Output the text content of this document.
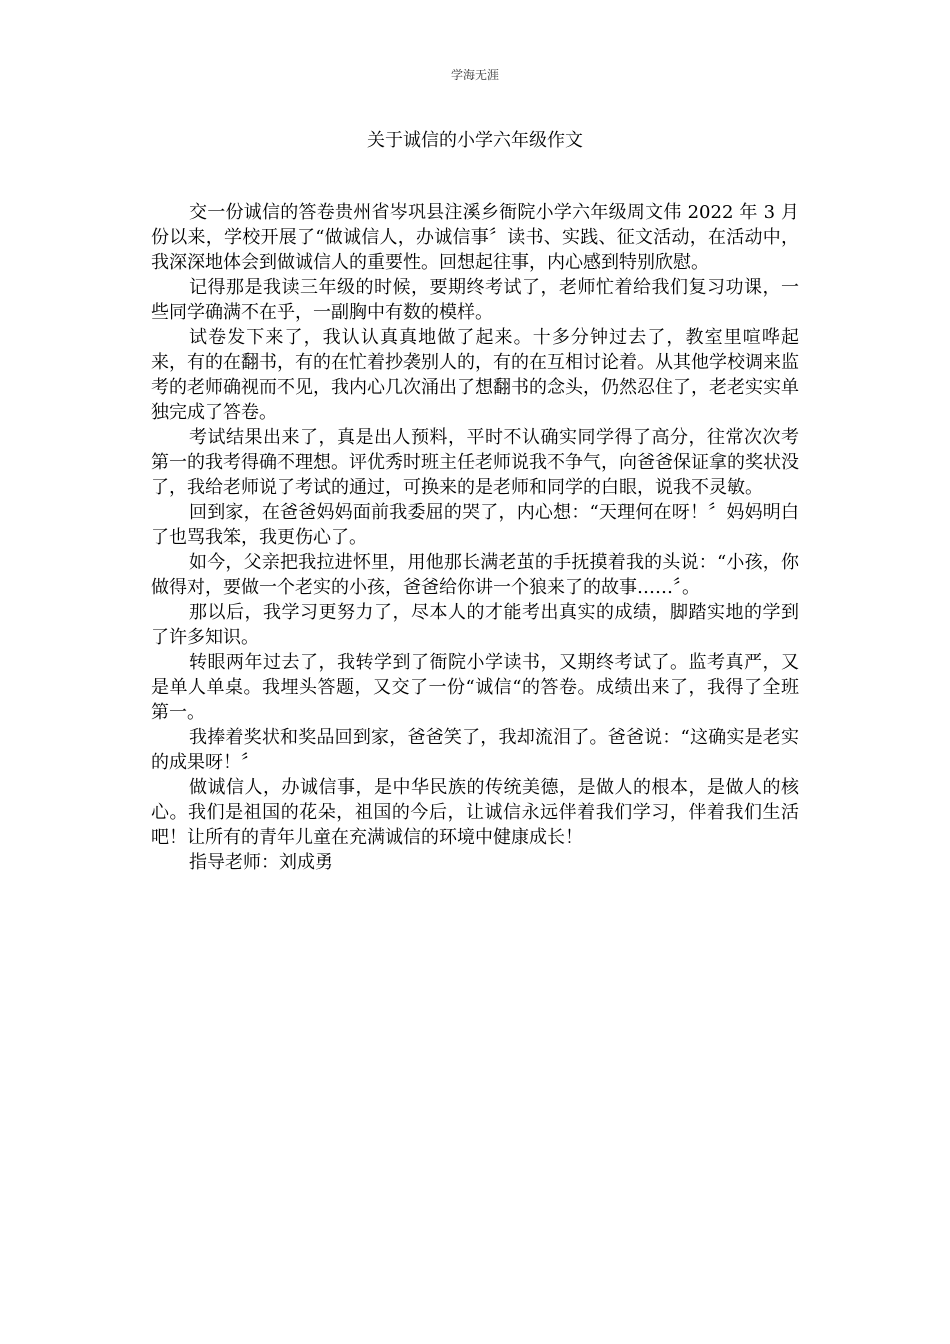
学海无涯
关于诚信的小学六年级作文

交一份诚信的答卷贵州省岑巩县注溪乡衙院小学六年级周文伟 2022 年 3 月份以来，学校开展了“做诚信人，办诚信事〞读书、实践、征文活动，在活动中，我深深地体会到做诚信人的重要性。回想起往事，内心感到特别欣慰。

记得那是我读三年级的时候，要期终考试了，老师忙着给我们复习功课，一些同学确满不在乎，一副胸中有数的模样。

试卷发下来了，我认认真真地做了起来。十多分钟过去了，教室里喧哗起来，有的在翻书，有的在忙着抄袭别人的，有的在互相讨论着。从其他学校调来监考的老师确视而不见，我内心几次涌出了想翻书的念头，仍然忍住了，老老实实单独完成了答卷。

考试结果出来了，真是出人预料，平时不认确实同学得了高分，往常次次考第一的我考得确不理想。评优秀时班主任老师说我不争气，向爸爸保证拿的奖状没了，我给老师说了考试的通过，可换来的是老师和同学的白眼，说我不灵敏。

回到家，在爸爸妈妈面前我委屈的哭了，内心想：“天理何在呀！〞妈妈明白了也骂我笨，我更伤心了。

如今，父亲把我拉进怀里，用他那长满老茧的手抚摸着我的头说：“小孩，你做得对，要做一个老实的小孩，爸爸给你讲一个狼来了的故事……〞。

那以后，我学习更努力了，尽本人的才能考出真实的成绩，脚踏实地的学到了许多知识。

转眼两年过去了，我转学到了衙院小学读书，又期终考试了。监考真严，又是单人单桌。我埋头答题，又交了一份“诚信“的答卷。成绩出来了，我得了全班第一。

我捧着奖状和奖品回到家，爸爸笑了，我却流泪了。爸爸说：“这确实是老实的成果呀！〞

做诚信人，办诚信事，是中华民族的传统美德，是做人的根本，是做人的核心。我们是祖国的花朵，祖国的今后，让诚信永远伴着我们学习，伴着我们生活吧！让所有的青年儿童在充满诚信的环境中健康成长！

指导老师：刘成勇
